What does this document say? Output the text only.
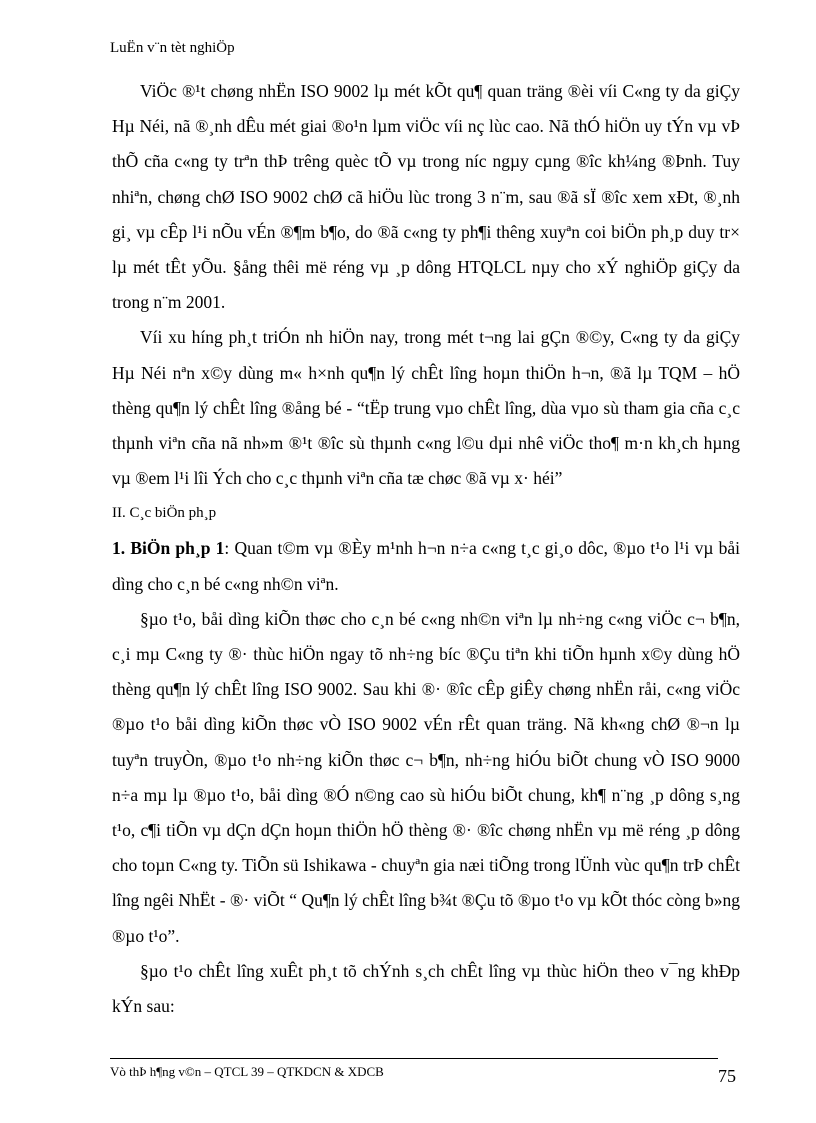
LuËn v¨n tèt nghiÖp

ViÖc ®¹t chøng nhËn ISO 9002 lµ mét kÕt qu¶ quan träng ®èi víi C«ng ty da giÇy Hµ Néi, nã ®¸nh dÊu mét giai ®o¹n lµm viÖc víi nç lùc cao. Nã thÓ hiÖn uy tÝn vµ vÞ thÕ cña c«ng ty trªn thÞ trêng quèc tÕ vµ trong níc ngµy cµng ®îc kh¼ng ®Þnh. Tuy nhiªn, chøng chØ ISO 9002 chØ cã hiÖu lùc trong 3 n¨m, sau ®ã sÏ ®îc xem xÐt, ®¸nh gi¸ vµ cÊp l¹i nÕu vÉn ®¶m b¶o, do ®ã c«ng ty ph¶i thêng xuyªn coi biÖn ph¸p duy tr× lµ mét tÊt yÕu. §ång thêi më réng vµ ¸p dông HTQLCL nµy cho xÝ nghiÖp giÇy da trong n¨m 2001.

Víi xu híng ph¸t triÓn nh hiÖn nay, trong mét t¬ng lai gÇn ®©y, C«ng ty da giÇy Hµ Néi nªn x©y dùng m« h×nh qu¶n lý chÊt lîng hoµn thiÖn h¬n, ®ã lµ TQM – hÖ thèng qu¶n lý chÊt lîng ®ång bé - “tËp trung vµo chÊt lîng, dùa vµo sù tham gia cña c¸c thµnh viªn cña nã nh»m ®¹t ®îc sù thµnh c«ng l©u dµi nhê viÖc tho¶ m·n kh¸ch hµng vµ ®em l¹i lîi Ých cho c¸c thµnh viªn cña tæ chøc ®ã vµ x· héi”

II. C¸c biÖn ph¸p

1. BiÖn ph¸p 1: Quan t©m vµ ®Èy m¹nh h¬n n÷a c«ng t¸c gi¸o dôc, ®µo t¹o l¹i vµ båi dìng cho c¸n bé c«ng nh©n viªn.

§µo t¹o, båi dìng kiÕn thøc cho c¸n bé c«ng nh©n viªn lµ nh÷ng c«ng viÖc c¬ b¶n, c¸i mµ C«ng ty ®· thùc hiÖn ngay tõ nh÷ng bíc ®Çu tiªn khi tiÕn hµnh x©y dùng hÖ thèng qu¶n lý chÊt lîng ISO 9002. Sau khi ®· ®îc cÊp giÊy chøng nhËn råi, c«ng viÖc ®µo t¹o båi dìng kiÕn thøc vÒ ISO 9002 vÉn rÊt quan träng. Nã kh«ng chØ ®¬n lµ tuyªn truyÒn, ®µo t¹o nh÷ng kiÕn thøc c¬ b¶n, nh÷ng hiÓu biÕt chung vÒ ISO 9000 n÷a mµ lµ ®µo t¹o, båi dìng ®Ó n©ng cao sù hiÓu biÕt chung, kh¶ n¨ng ¸p dông s¸ng t¹o, c¶i tiÕn vµ dÇn dÇn hoµn thiÖn hÖ thèng ®· ®îc chøng nhËn vµ më réng ¸p dông cho toµn C«ng ty. TiÕn sü Ishikawa - chuyªn gia næi tiÕng trong lÜnh vùc qu¶n trÞ chÊt lîng ngêi NhËt - ®· viÕt “ Qu¶n lý chÊt lîng b¾t ®Çu tõ ®µo t¹o vµ kÕt thóc còng b»ng ®µo t¹o”.

§µo t¹o chÊt lîng xuÊt ph¸t tõ chÝnh s¸ch chÊt lîng vµ thùc hiÖn theo v¯ng khÐp kÝn sau:

Vò thÞ h¶ng v©n – QTCL 39 – QTKDCN & XDCB	75
